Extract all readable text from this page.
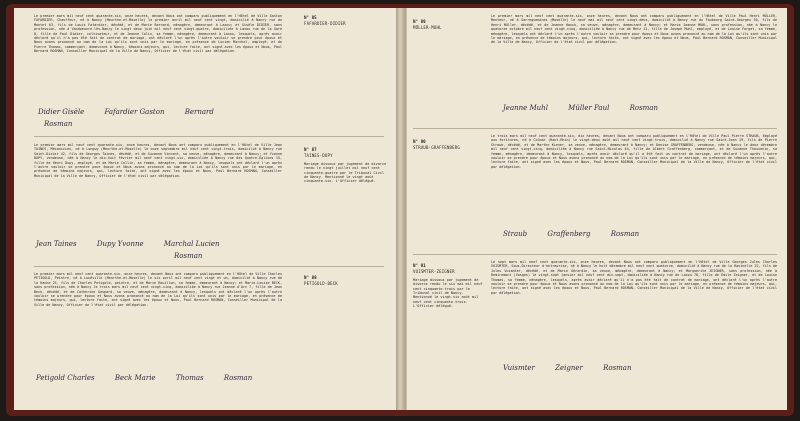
Le premier mars mil neuf cent quarante-six, onze heures, devant Nous ont comparu publiquement en l'Hôtel de Ville Gaston FAFARDIER, Chauffeur, né à Nancy (Meurthe-et-Moselle) le premier avril mil neuf cent vingt, domicilié à Nancy rue du Montet 63, fils de Louis Fafardier, décédé, et de Marie Bernard, ménagère, demeurant à Laxou; et Gisèle DIDIER, sans profession, née à Vandoeuvre-lès-Nancy le vingt deux juin mil neuf cent vingt-quatre, domiciliée à Laxou rue de la Gare 8, fille de Paul Didier, cultivateur, et de Jeanne Colin, sa femme, ménagère, demeurant à Laxou, lesquels, après avoir déclaré qu'il n'a pas été fait de contrat de mariage, ont déclaré l'un après l'autre vouloir se prendre pour époux et Nous avons prononcé au nom de la Loi qu'ils sont unis par le mariage, en présence de Lucien Marchal, employé, et de Pierre Thomas, commerçant, demeurant à Nancy, témoins majeurs, qui, lecture faite, ont signé avec les époux et Nous, Paul Bernard ROSMAN, Conseiller Municipal de la Ville de Nancy, Officier de l'état civil par délégation.
N° 85
FAFARDIER-DIDIER
Didier Gisèle	Fafardier Gaston	Bernard
Rosman
Le premier mars mil neuf cent quarante-six, onze heures, devant Nous ont comparu publiquement en l'Hôtel de Ville Jean TAINES, Mécanicien, né à Longwy (Meurthe-et-Moselle) le onze septembre mil neuf cent vingt-trois, domicilié à Nancy rue Saint-Dizier 42, fils de Georges Taines, décédé, et de Suzanne Vincent, sa veuve, ménagère, demeurant à Nancy; et Yvonne DUPY, vendeuse, née à Nancy le dix-huit février mil neuf cent vingt-six, domiciliée à Nancy rue des Quatre-Églises 15, fille de Henri Dupy, employé, et de Marie Collin, sa femme, ménagère, demeurant à Nancy, lesquels ont déclaré l'un après l'autre vouloir se prendre pour époux et Nous avons prononcé au nom de la Loi qu'ils sont unis par le mariage, en présence de témoins majeurs, qui, lecture faite, ont signé avec les époux et Nous, Paul Bernard ROSMAN, Conseiller Municipal de la Ville de Nancy, Officier de l'état civil par délégation.
N° 87
TAINES-DUPY
Mariage dissous par jugement de divorce rendu le vingt juillet mil neuf cent cinquante-quatre par le Tribunal Civil de Nancy. Mentionné le vingt août cinquante-six. L'Officier délégué.
Jean Taines	Dupy Yvonne	Marchal Lucien
Rosman
Le premier mars mil neuf cent quarante-six, onze heures, devant Nous ont comparu publiquement en l'Hôtel de Ville Charles PETIGOLD, Peintre, né à Lunéville (Meurthe-et-Moselle) le six avril mil neuf cent vingt et un, domicilié à Nancy rue de la Hache 21, fils de Charles Petigold, peintre, et de Marie Rouillon, sa femme, demeurant à Nancy; et Marie-Louise BECK, sans profession, née à Nancy le trois mars mil neuf cent vingt-cinq, domiciliée à Nancy rue Jeanne d'Arc 7, fille de Jean Beck, décédé, et de Catherine Gaspard, sa veuve, ménagère, demeurant à Nancy, lesquels ont déclaré l'un après l'autre vouloir se prendre pour époux et Nous avons prononcé au nom de la Loi qu'ils sont unis par le mariage, en présence de témoins majeurs, qui, lecture faite, ont signé avec les époux et Nous, Paul Bernard ROSMAN, Conseiller Municipal de la Ville de Nancy, Officier de l'état civil par délégation.
N° 88
PETIGOLD-BECK
Petigold Charles	Beck Marie	Thomas	Rosman
N° 89
MÜLLER-MUHL
Le premier mars mil neuf cent quarante-six, onze heures, devant Nous ont comparu publiquement en l'Hôtel de Ville Paul Henri MÜLLER, Monteur, né à Sarreguemines (Moselle) le neuf mai mil neuf cent vingt-deux, domicilié à Nancy rue du Faubourg Saint-Georges 30, fils de Henri Müller, décédé, et de Jeanne Hauck, sa veuve, ménagère, demeurant à Nancy; et Marie Jeanne MUHL, sans profession, née à Nancy le quatorze octobre mil neuf cent vingt-cinq, domiciliée à Nancy rue de Metz 11, fille de Joseph Muhl, employé, et de Louise Forget, sa femme, ménagère, lesquels ont déclaré l'un après l'autre vouloir se prendre pour époux et Nous avons prononcé au nom de la Loi qu'ils sont unis par le mariage, en présence de témoins majeurs, qui, lecture faite, ont signé avec les époux et Nous, Paul Bernard ROSMAN, Conseiller Municipal de la Ville de Nancy, Officier de l'état civil par délégation.
Jeanne Muhl	Müller Paul	Rosman
N° 90
STRAUB-GRAFFENBERG
Le trois mars mil neuf cent quarante-six, dix heures, devant Nous ont comparu publiquement en l'Hôtel de Ville Paul Pierre STRAUB, Employé aux écritures, né à Colmar (Haut-Rhin) le vingt-deux août mil neuf cent vingt-trois, domicilié à Nancy rue Saint-Jean 19, fils de Pierre Straub, décédé, et de Marthe Kiener, sa veuve, ménagère, demeurant à Nancy; et Denise GRAFFENBERG, vendeuse, née à Nancy le deux décembre mil neuf cent vingt-cinq, domiciliée à Nancy rue Saint-Nicolas 44, fille de Albert Graffenberg, commerçant, et de Suzanne Thouvenin, sa femme, ménagère, demeurant à Nancy, lesquels, après avoir déclaré qu'il a été fait un contrat de mariage, ont déclaré l'un après l'autre vouloir se prendre pour époux et Nous avons prononcé au nom de la Loi qu'ils sont unis par le mariage, en présence de témoins majeurs, qui, lecture faite, ont signé avec les époux et Nous, Paul Bernard ROSMAN, Conseiller Municipal de la Ville de Nancy, Officier de l'état civil par délégation.
Straub	Graffenberg	Rosman
N° 91
VUISMTER-ZEIGNER
Mariage dissous par jugement de divorce rendu le six mai mil neuf cent cinquante-trois par le Tribunal civil de Nancy. Mentionné le vingt-six août mil neuf cent cinquante-trois. L'Officier délégué.
Le sept mars mil neuf cent quarante-six, onze heures, devant Nous ont comparu publiquement en l'Hôtel de Ville Georges Jules Charles VUISMTER, Sous-Directeur d'entreprise, né à Nancy le huit décembre mil neuf cent quatorze, domicilié à Nancy rue de la Ravinelle 22, fils de Jules Vuismter, décédé, et de Marie Gérardin, sa veuve, ménagère, demeurant à Nancy; et Marguerite ZEIGNER, sans profession, née à Remiremont (Vosges) le vingt-sept janvier mil neuf cent dix-sept, domiciliée à Nancy rue de Laxou 78, fille de Émile Zeigner, et de Louise Thomas, sa femme, ménagère, lesquels, après avoir déclaré qu'il n'a pas été fait de contrat de mariage, ont déclaré l'un après l'autre vouloir se prendre pour époux et Nous avons prononcé au nom de la Loi qu'ils sont unis par le mariage, en présence de témoins majeurs, qui, lecture faite, ont signé avec les époux et Nous, Paul Bernard ROSMAN, Conseiller Municipal de la Ville de Nancy, Officier de l'état civil par délégation.
Vuismter	Zeigner	Rosman
